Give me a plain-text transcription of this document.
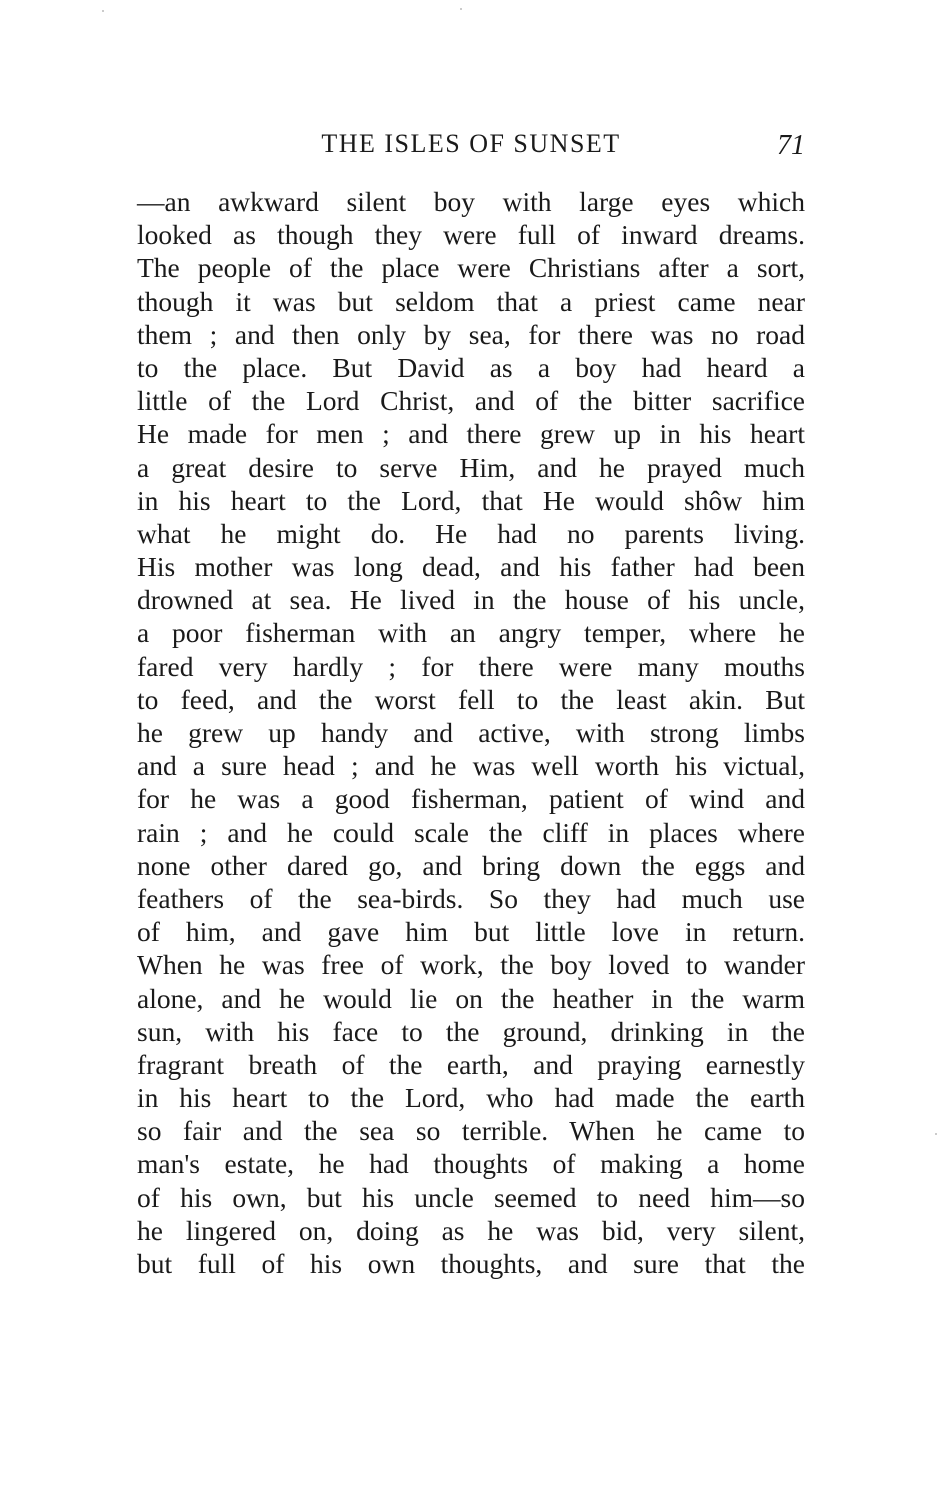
THE ISLES OF SUNSET	71
—an awkward silent boy with large eyes which
looked as though they were full of inward dreams.
The people of the place were Christians after a sort,
though it was but seldom that a priest came near
them ; and then only by sea, for there was no road
to the place. But David as a boy had heard a
little of the Lord Christ, and of the bitter sacrifice
He made for men ; and there grew up in his heart
a great desire to serve Him, and he prayed much
in his heart to the Lord, that He would shôw him
what he might do. He had no parents living.
His mother was long dead, and his father had been
drowned at sea. He lived in the house of his uncle,
a poor fisherman with an angry temper, where he
fared very hardly ; for there were many mouths
to feed, and the worst fell to the least akin. But
he grew up handy and active, with strong limbs
and a sure head ; and he was well worth his victual,
for he was a good fisherman, patient of wind and
rain ; and he could scale the cliff in places where
none other dared go, and bring down the eggs and
feathers of the sea-birds. So they had much use
of him, and gave him but little love in return.
When he was free of work, the boy loved to wander
alone, and he would lie on the heather in the warm
sun, with his face to the ground, drinking in the
fragrant breath of the earth, and praying earnestly
in his heart to the Lord, who had made the earth
so fair and the sea so terrible. When he came to
man's estate, he had thoughts of making a home
of his own, but his uncle seemed to need him—so
he lingered on, doing as he was bid, very silent,
but full of his own thoughts, and sure that the
